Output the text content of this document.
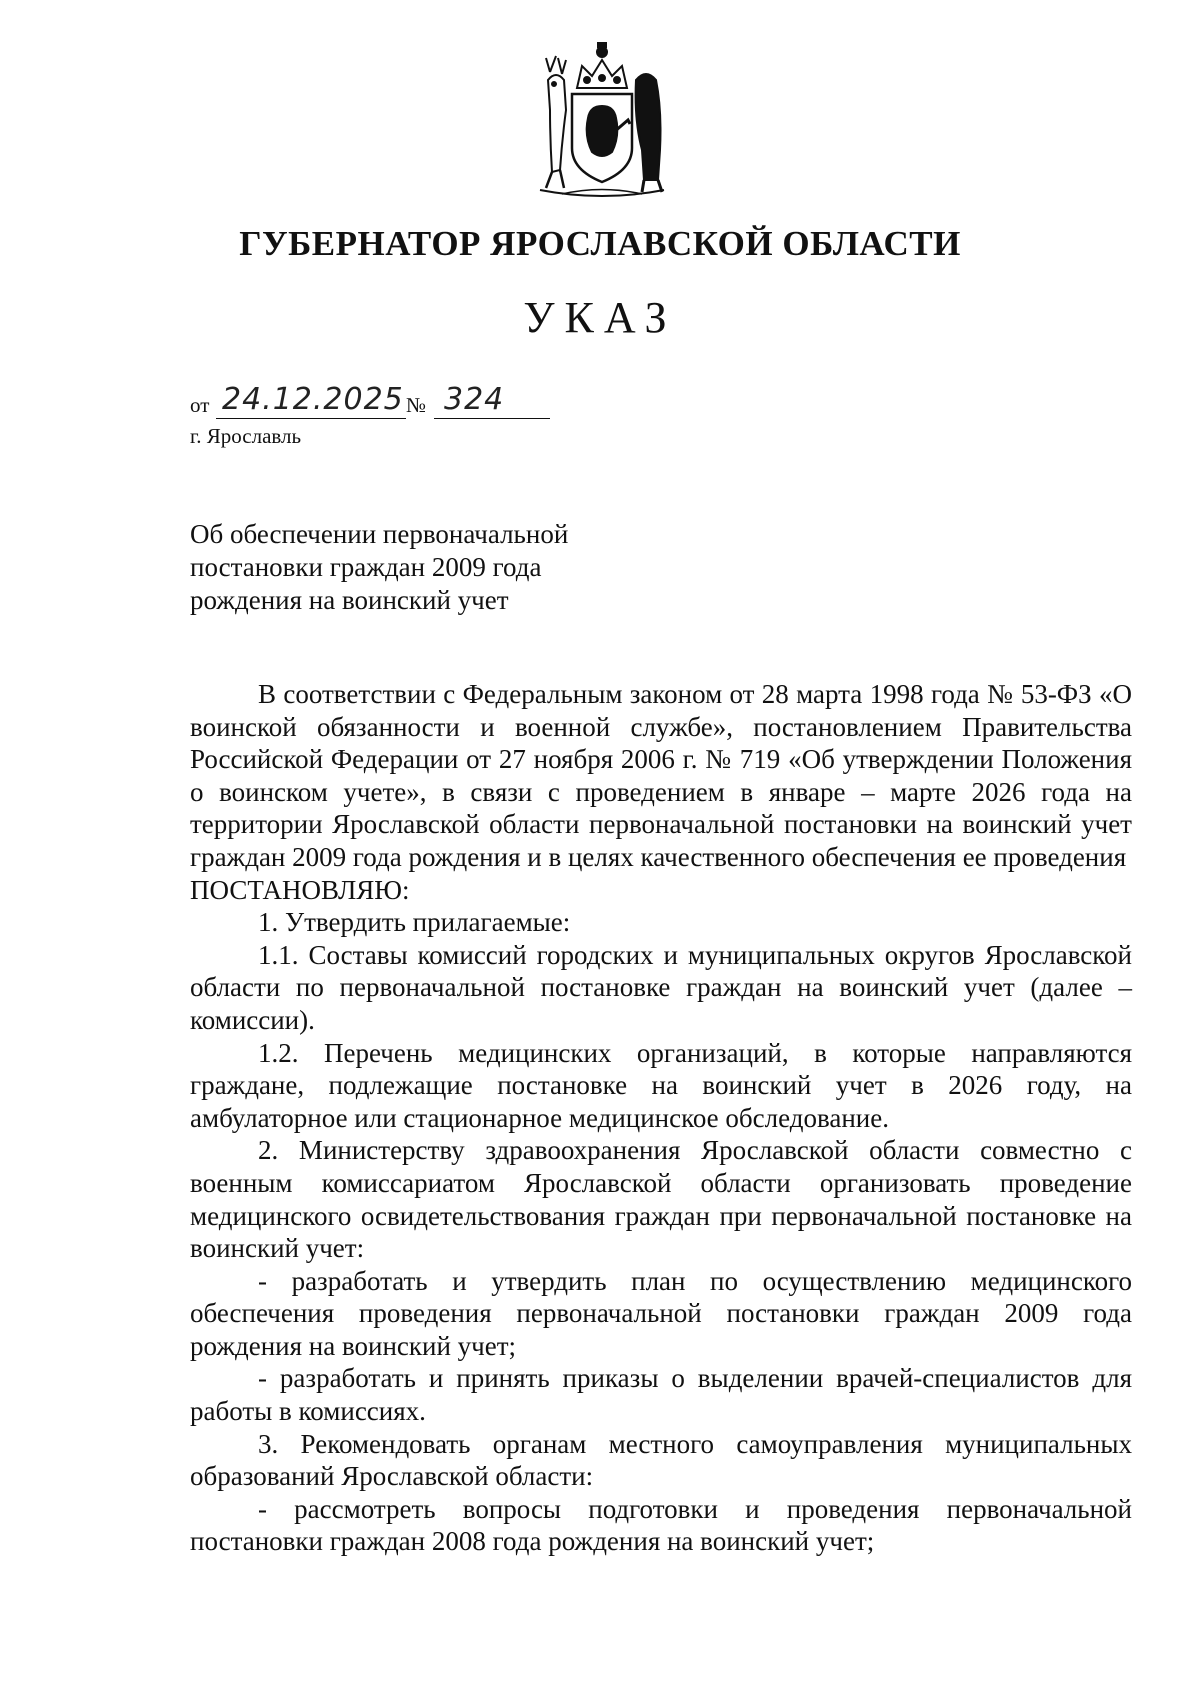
ГУБЕРНАТОР ЯРОСЛАВСКОЙ ОБЛАСТИ
УКАЗ
от 24.12.2025 № 324
г. Ярославль
Об обеспечении первоначальной
постановки граждан 2009 года
рождения на воинский учет

В соответствии с Федеральным законом от 28 марта 1998 года № 53-ФЗ «О воинской обязанности и военной службе», постановлением Правительства Российской Федерации от 27 ноября 2006 г. № 719 «Об утверждении Положения о воинском учете», в связи с проведением в январе – марте 2026 года на территории Ярославской области первоначальной постановки на воинский учет граждан 2009 года рождения и в целях качественного обеспечения ее проведения

ПОСТАНОВЛЯЮ:

1. Утвердить прилагаемые:

1.1. Составы комиссий городских и муниципальных округов Ярославской области по первоначальной постановке граждан на воинский учет (далее – комиссии).

1.2. Перечень медицинских организаций, в которые направляются граждане, подлежащие постановке на воинский учет в 2026 году, на амбулаторное или стационарное медицинское обследование.

2. Министерству здравоохранения Ярославской области совместно с военным комиссариатом Ярославской области организовать проведение медицинского освидетельствования граждан при первоначальной постановке на воинский учет:

- разработать и утвердить план по осуществлению медицинского обеспечения проведения первоначальной постановки граждан 2009 года рождения на воинский учет;

- разработать и принять приказы о выделении врачей-специалистов для работы в комиссиях.

3. Рекомендовать органам местного самоуправления муниципальных образований Ярославской области:

- рассмотреть вопросы подготовки и проведения первоначальной постановки граждан 2008 года рождения на воинский учет;
